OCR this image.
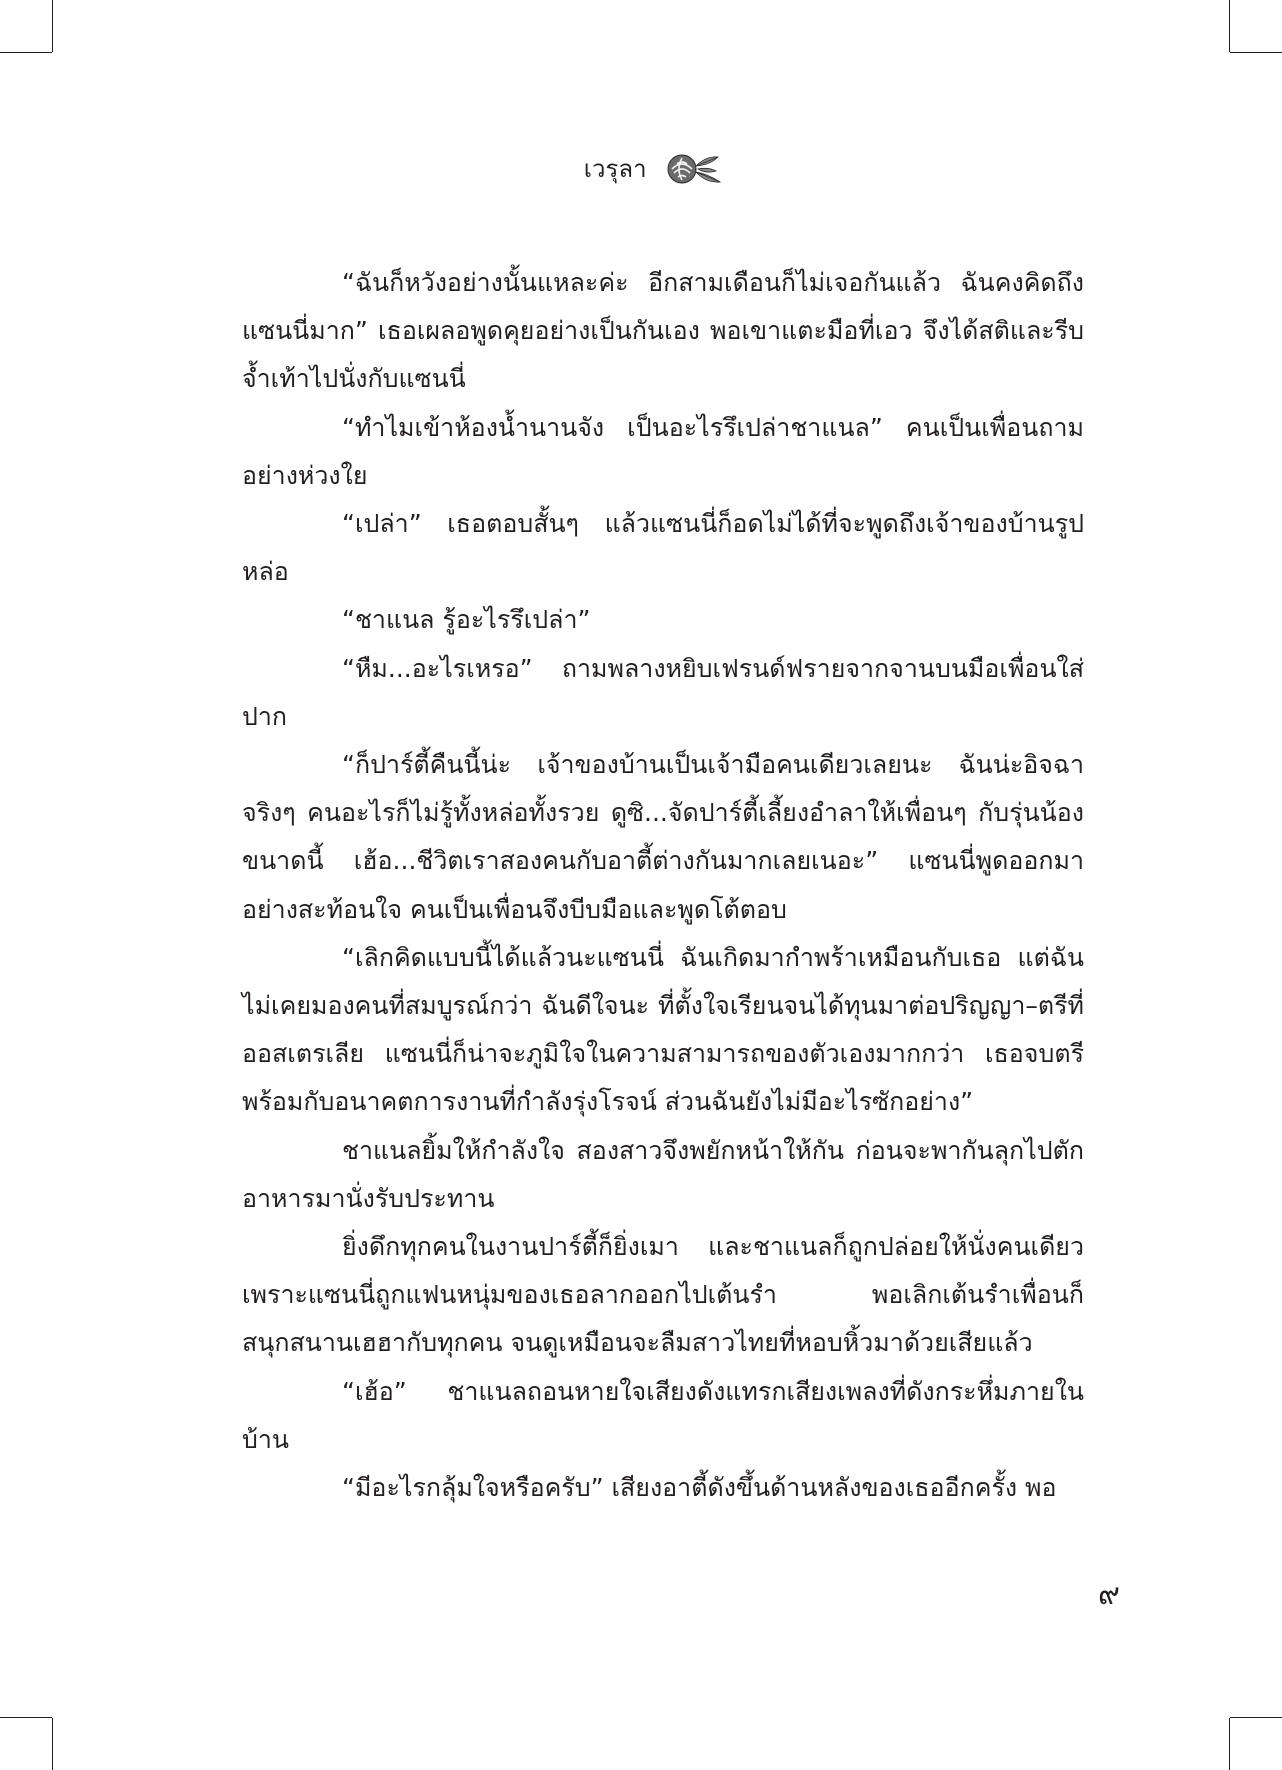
เวรุลา

“ฉันก็หวังอย่างนั้นแหละค่ะ อีกสามเดือนก็ไม่เจอกันแล้ว ฉันคงคิดถึงแซนนี่มาก” เธอเผลอพูดคุยอย่างเป็นกันเอง พอเขาแตะมือที่เอว จึงได้สติและรีบจ้ำเท้าไปนั่งกับแซนนี่

“ทำไมเข้าห้องน้ำนานจัง เป็นอะไรรึเปล่าชาแนล” คนเป็นเพื่อนถามอย่างห่วงใย

“เปล่า” เธอตอบสั้นๆ แล้วแซนนี่ก็อดไม่ได้ที่จะพูดถึงเจ้าของบ้านรูปหล่อ

“ชาแนล รู้อะไรรึเปล่า”

“หืม...อะไรเหรอ” ถามพลางหยิบเฟรนด์ฟรายจากจานบนมือเพื่อนใส่ปาก

“ก็ปาร์ตี้คืนนี้น่ะ เจ้าของบ้านเป็นเจ้ามือคนเดียวเลยนะ ฉันน่ะอิจฉาจริงๆ คนอะไรก็ไม่รู้ทั้งหล่อทั้งรวย ดูซิ...จัดปาร์ตี้เลี้ยงอำลาให้เพื่อนๆ กับรุ่นน้องขนาดนี้ เฮ้อ...ชีวิตเราสองคนกับอาตี้ต่างกันมากเลยเนอะ” แซนนี่พูดออกมาอย่างสะท้อนใจ คนเป็นเพื่อนจึงบีบมือและพูดโต้ตอบ

“เลิกคิดแบบนี้ได้แล้วนะแซนนี่ ฉันเกิดมากำพร้าเหมือนกับเธอ แต่ฉันไม่เคยมองคนที่สมบูรณ์กว่า ฉันดีใจนะ ที่ตั้งใจเรียนจนได้ทุนมาต่อปริญญา–ตรีที่ออสเตรเลีย แซนนี่ก็น่าจะภูมิใจในความสามารถของตัวเองมากกว่า เธอจบตรีพร้อมกับอนาคตการงานที่กำลังรุ่งโรจน์ ส่วนฉันยังไม่มีอะไรซักอย่าง”

ชาแนลยิ้มให้กำลังใจ สองสาวจึงพยักหน้าให้กัน ก่อนจะพากันลุกไปตักอาหารมานั่งรับประทาน

ยิ่งดึกทุกคนในงานปาร์ตี้ก็ยิ่งเมา และชาแนลก็ถูกปล่อยให้นั่งคนเดียวเพราะแซนนี่ถูกแฟนหนุ่มของเธอลากออกไปเต้นรำ พอเลิกเต้นรำเพื่อนก็สนุกสนานเฮฮากับทุกคน จนดูเหมือนจะลืมสาวไทยที่หอบหิ้วมาด้วยเสียแล้ว

“เฮ้อ” ชาแนลถอนหายใจเสียงดังแทรกเสียงเพลงที่ดังกระหึ่มภายในบ้าน

“มีอะไรกลุ้มใจหรือครับ” เสียงอาตี้ดังขึ้นด้านหลังของเธออีกครั้ง พอ

๙
